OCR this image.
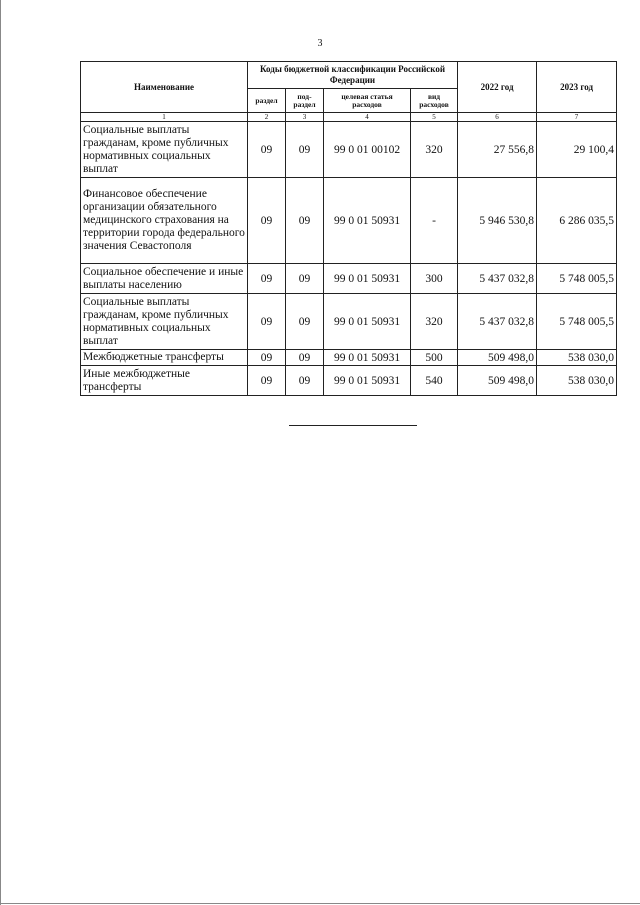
3
Наименование	Коды бюджетной классификации Российской Федерации				2022 год	2023 год
	раздел	под-раздел	целевая статья расходов	вид расходов		
1	2	3	4	5	6	7
Социальные выплаты гражданам, кроме публичных нормативных социальных выплат	09	09	99 0 01 00102	320	27 556,8	29 100,4
Финансовое обеспечение организации обязательного медицинского страхования на территории города федерального значения Севастополя	09	09	99 0 01 50931	-	5 946 530,8	6 286 035,5
Социальное обеспечение и иные выплаты населению	09	09	99 0 01 50931	300	5 437 032,8	5 748 005,5
Социальные выплаты гражданам, кроме публичных нормативных социальных выплат	09	09	99 0 01 50931	320	5 437 032,8	5 748 005,5
Межбюджетные трансферты	09	09	99 0 01 50931	500	509 498,0	538 030,0
Иные межбюджетные трансферты	09	09	99 0 01 50931	540	509 498,0	538 030,0
